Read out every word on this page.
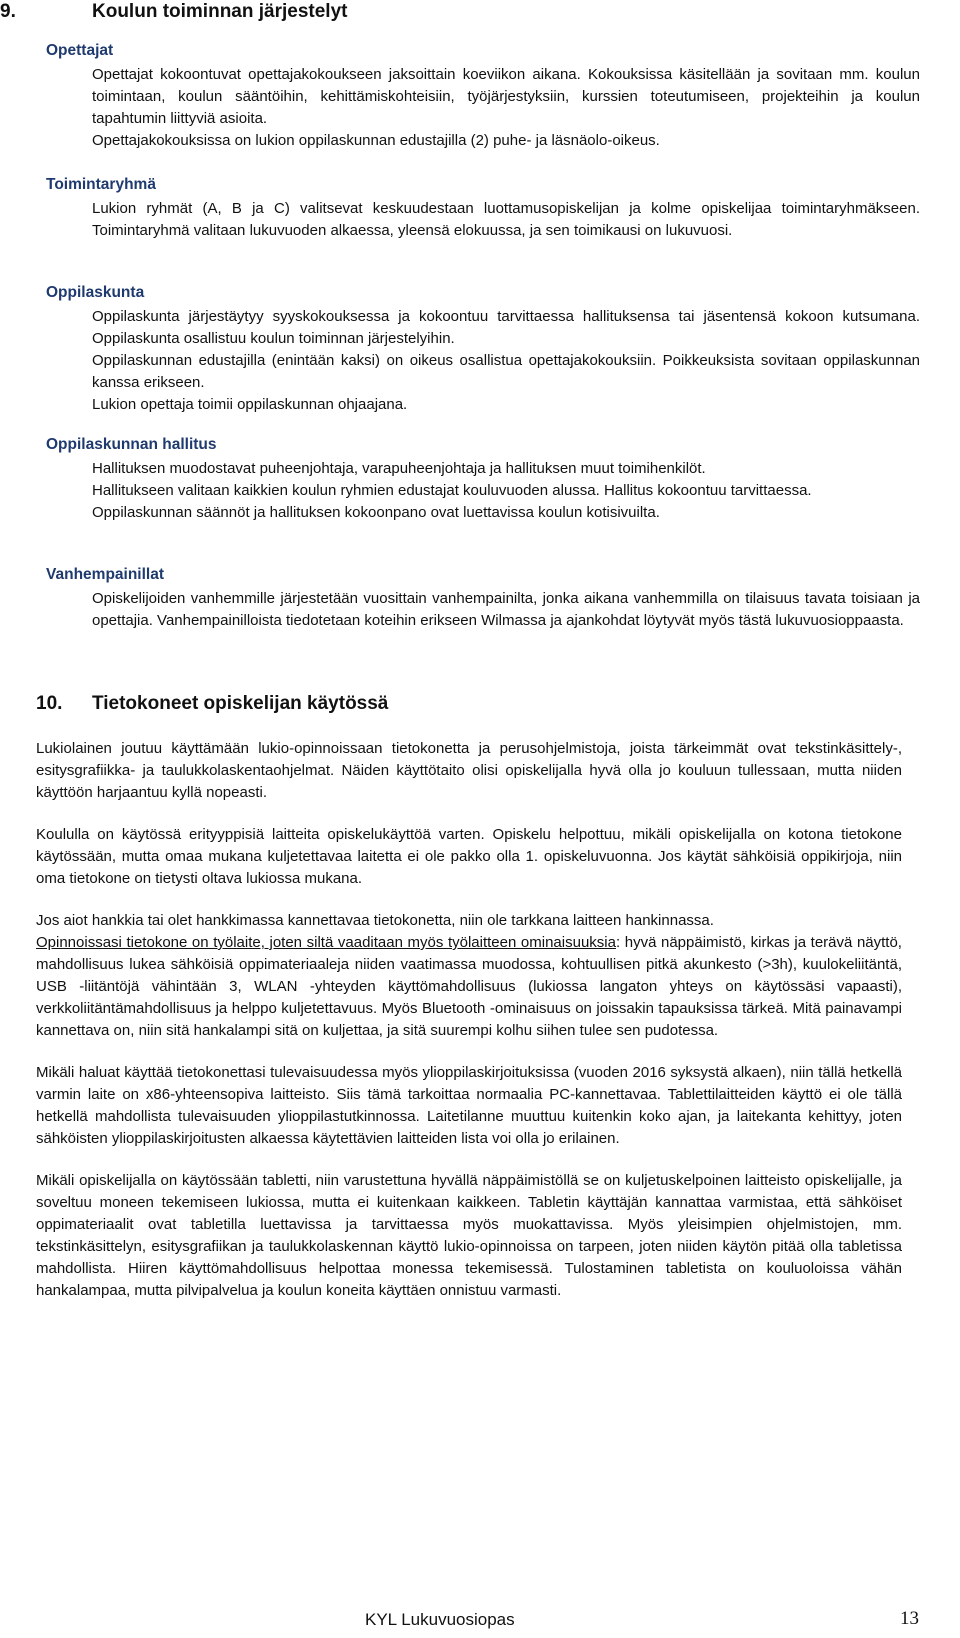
9.	Koulun toiminnan järjestelyt
Opettajat

Opettajat kokoontuvat opettajakokoukseen jaksoittain koeviikon aikana. Kokouksissa käsitellään ja sovitaan mm. koulun toimintaan, koulun sääntöihin, kehittämiskohteisiin, työjärjestyksiin, kurssien toteutumiseen, projekteihin ja koulun tapahtumin liittyviä asioita.

Opettajakokouksissa on lukion oppilaskunnan edustajilla (2) puhe- ja läsnäolo-oikeus.

Toimintaryhmä

Lukion ryhmät (A, B ja C) valitsevat keskuudestaan luottamusopiskelijan ja kolme opiskelijaa toimintaryhmäkseen. Toimintaryhmä valitaan lukuvuoden alkaessa, yleensä elokuussa, ja sen toimikausi on lukuvuosi.

Oppilaskunta

Oppilaskunta järjestäytyy syyskokouksessa ja kokoontuu tarvittaessa hallituksensa tai jäsentensä kokoon kutsumana. Oppilaskunta osallistuu koulun toiminnan järjestelyihin.

Oppilaskunnan edustajilla (enintään kaksi) on oikeus osallistua opettajakokouksiin. Poikkeuksista sovitaan oppilaskunnan kanssa erikseen.

Lukion opettaja toimii oppilaskunnan ohjaajana.

Oppilaskunnan hallitus

Hallituksen muodostavat puheenjohtaja, varapuheenjohtaja ja hallituksen muut toimihenkilöt.

Hallitukseen valitaan kaikkien koulun ryhmien edustajat kouluvuoden alussa. Hallitus kokoontuu tarvittaessa.

Oppilaskunnan säännöt ja hallituksen kokoonpano ovat luettavissa koulun kotisivuilta.

Vanhempainillat

Opiskelijoiden vanhemmille järjestetään vuosittain vanhempainilta, jonka aikana vanhemmilla on tilaisuus tavata toisiaan ja opettajia. Vanhempainilloista tiedotetaan koteihin erikseen Wilmassa ja ajankohdat löytyvät myös tästä lukuvuosioppaasta.

10.	Tietokoneet opiskelijan käytössä

Lukiolainen joutuu käyttämään lukio-opinnoissaan tietokonetta ja perusohjelmistoja, joista tärkeimmät ovat tekstinkäsittely-, esitysgrafiikka- ja taulukkolaskentaohjelmat. Näiden käyttötaito olisi opiskelijalla hyvä olla jo kouluun tullessaan, mutta niiden käyttöön harjaantuu kyllä nopeasti.

Koululla on käytössä erityyppisiä laitteita opiskelukäyttöä varten. Opiskelu helpottuu, mikäli opiskelijalla on kotona tietokone käytössään, mutta omaa mukana kuljetettavaa laitetta ei ole pakko olla 1. opiskeluvuonna. Jos käytät sähköisiä oppikirjoja, niin oma tietokone on tietysti oltava lukiossa mukana.

Jos aiot hankkia tai olet hankkimassa kannettavaa tietokonetta, niin ole tarkkana laitteen hankinnassa.
Opinnoissasi tietokone on työlaite, joten siltä vaaditaan myös työlaitteen ominaisuuksia: hyvä näppäimistö, kirkas ja terävä näyttö, mahdollisuus lukea sähköisiä oppimateriaaleja niiden vaatimassa muodossa, kohtuullisen pitkä akunkesto (>3h), kuulokeliitäntä, USB -liitäntöjä vähintään 3, WLAN -yhteyden käyttömahdollisuus (lukiossa langaton yhteys on käytössäsi vapaasti), verkkoliitäntämahdollisuus ja helppo kuljetettavuus. Myös Bluetooth -ominaisuus on joissakin tapauksissa tärkeä. Mitä painavampi kannettava on, niin sitä hankalampi sitä on kuljettaa, ja sitä suurempi kolhu siihen tulee sen pudotessa.

Mikäli haluat käyttää tietokonettasi tulevaisuudessa myös ylioppilaskirjoituksissa (vuoden 2016 syksystä alkaen), niin tällä hetkellä varmin laite on x86-yhteensopiva laitteisto. Siis tämä tarkoittaa normaalia PC-kannettavaa. Tablettilaitteiden käyttö ei ole tällä hetkellä mahdollista tulevaisuuden ylioppilastutkinnossa. Laitetilanne muuttuu kuitenkin koko ajan, ja laitekanta kehittyy, joten sähköisten ylioppilaskirjoitusten alkaessa käytettävien laitteiden lista voi olla jo erilainen.

Mikäli opiskelijalla on käytössään tabletti, niin varustettuna hyvällä näppäimistöllä se on kuljetuskelpoinen laitteisto opiskelijalle, ja soveltuu moneen tekemiseen lukiossa, mutta ei kuitenkaan kaikkeen. Tabletin käyttäjän kannattaa varmistaa, että sähköiset oppimateriaalit ovat tabletilla luettavissa ja tarvittaessa myös muokattavissa. Myös yleisimpien ohjelmistojen, mm. tekstinkäsittelyn, esitysgrafiikan ja taulukkolaskennan käyttö lukio-opinnoissa on tarpeen, joten niiden käytön pitää olla tabletissa mahdollista. Hiiren käyttömahdollisuus helpottaa monessa tekemisessä. Tulostaminen tabletista on kouluoloissa vähän hankalampaa, mutta pilvipalvelua ja koulun koneita käyttäen onnistuu varmasti.

KYL Lukuvuosiopas	13
